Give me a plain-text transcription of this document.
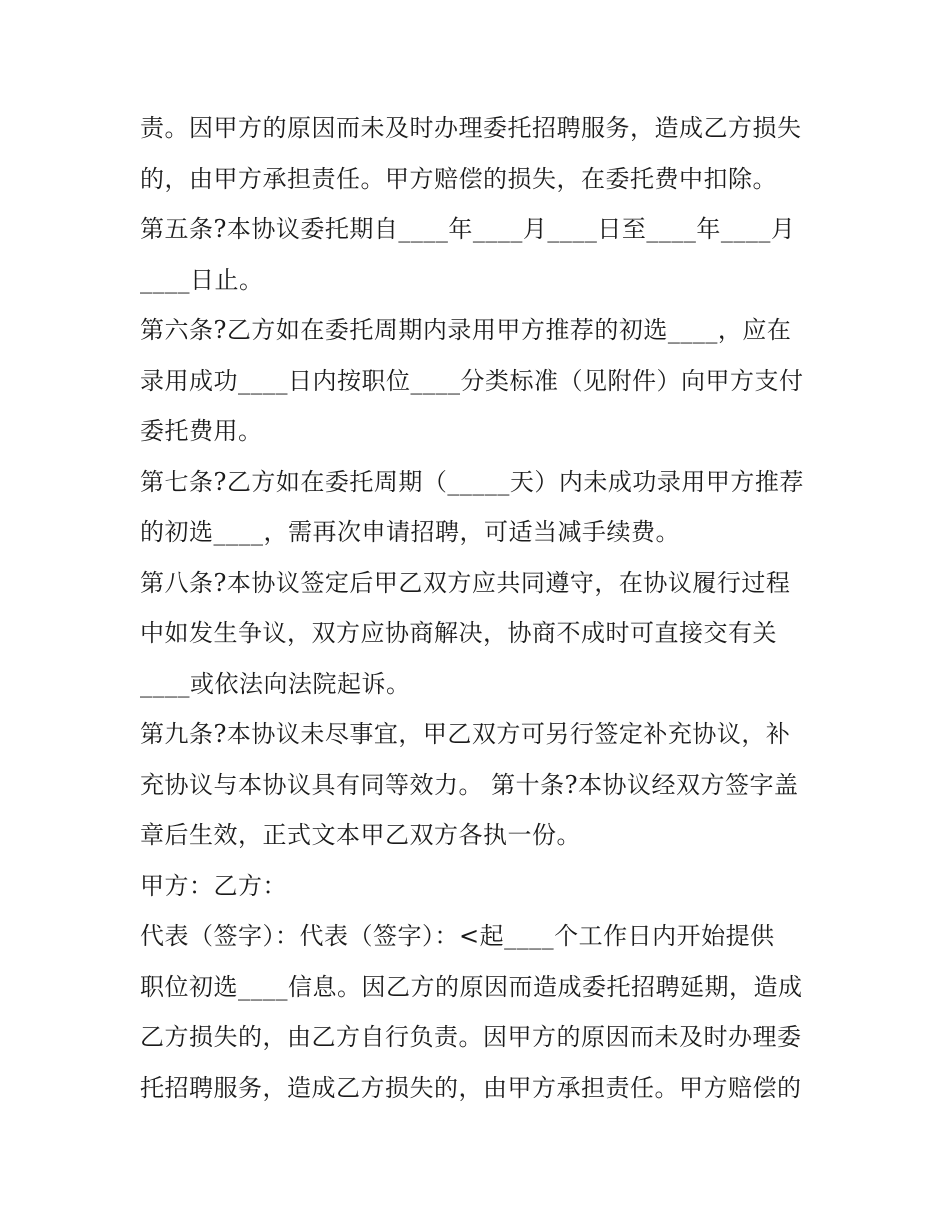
责。因甲方的原因而未及时办理委托招聘服务，造成乙方损失
的，由甲方承担责任。甲方赔偿的损失，在委托费中扣除。
第五条?本协议委托期自____年____月____日至____年____月
____日止。
第六条?乙方如在委托周期内录用甲方推荐的初选____，应在
录用成功____日内按职位____分类标准（见附件）向甲方支付
委托费用。
第七条?乙方如在委托周期（_____天）内未成功录用甲方推荐
的初选____，需再次申请招聘，可适当减手续费。
第八条?本协议签定后甲乙双方应共同遵守，在协议履行过程
中如发生争议，双方应协商解决，协商不成时可直接交有关
____或依法向法院起诉。
第九条?本协议未尽事宜，甲乙双方可另行签定补充协议，补
充协议与本协议具有同等效力。 第十条?本协议经双方签字盖
章后生效，正式文本甲乙双方各执一份。
甲方：乙方：
代表（签字）：代表（签字）：<起____个工作日内开始提供
职位初选____信息。因乙方的原因而造成委托招聘延期，造成
乙方损失的，由乙方自行负责。因甲方的原因而未及时办理委
托招聘服务，造成乙方损失的，由甲方承担责任。甲方赔偿的
